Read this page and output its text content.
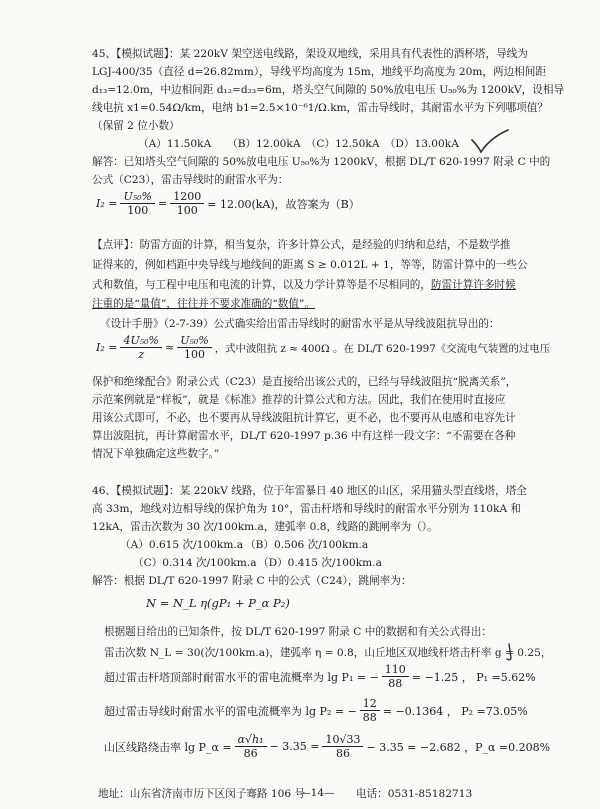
45、【模拟试题】：某 220kV 架空送电线路，架设双地线，采用具有代表性的酒杯塔，导线为
LGJ-400/35（直径 d=26.82mm），导线平均高度为 15m，地线平均高度为 20m，两边相间距
d₁₃=12.0m，中边相间距 d₁₂=d₂₃=6m，塔头空气间隙的 50%放电电压 U₅₀%为 1200kV，设相导
线电抗 x1=0.54Ω/km，电纳 b1=2.5×10⁻⁶1/Ω.km，雷击导线时，其耐雷水平为下列哪项值？
（保留 2 位小数）
（A）11.50kA　　（B）12.00kA　（C）12.50kA　（D）13.00kA
解答：已知塔头空气间隙的 50%放电电压 U₅₀%为 1200kV，根据 DL/T 620-1997 附录 C 中的
公式（C23），雷击导线时的耐雷水平为：
$I_2 = \frac{\text{U₅₀\%}}{100} = \frac{1200}{100} = 12.00(kA)$，故答案为（B）
【点评】：防雷方面的计算，相当复杂，许多计算公式，是经验的归纳和总结，不是数学推
证得来的，例如档距中央导线与地线间的距离 S ≥ 0.012L + 1，等等，防雷计算中的一些公
式和数值，与工程中电压和电流的计算，以及力学计算等是不尽相同的，防雷计算许多时候
注重的是“量值”，往往并不要求准确的“数值”。
《设计手册》（2-7-39）公式确实给出雷击导线时的耐雷水平是从导线波阻抗导出的：
$I_2 = \frac{\text{4U₅₀\%}}{z} \approx \frac{\text{U₅₀\%}}{100}$ ，式中波阻抗 z ≈ 400Ω 。在 DL/T 620-1997《交流电气装置的过电压
保护和绝缘配合》附录公式（C23）是直接给出该公式的，已经与导线波阻抗“脱离关系”，
示范案例就是“样板”，就是《标准》推荐的计算公式和方法。因此，我们在使用时直接应
用该公式即可，不必，也不要再从导线波阻抗计算它，更不必，也不要再从电感和电容先计
算出波阻抗，再计算耐雷水平，DL/T 620-1997 p.36 中有这样一段文字：“不需要在各种
情况下单独确定这些数字。”
46、【模拟试题】：某 220kV 线路，位于年雷暴日 40 地区的山区，采用猫头型直线塔，塔全
高 33m，地线对边相导线的保护角为 10°，雷击杆塔和导线时的耐雷水平分别为 110kA 和
12kA，雷击次数为 30 次/100km.a，建弧率 0.8，线路的跳闸率为（）。
（A）0.615 次/100km.a （B）0.506 次/100km.a
（C）0.314 次/100km.a （D）0.415 次/100km.a
解答：根据 DL/T 620-1997 附录 C 中的公式（C24），跳闸率为：
N = N_L η(gP₁ + P_α P₂)
根据题目给出的已知条件，按 DL/T 620-1997 附录 C 中的数据和有关公式得出：
雷击次数 N_L = 30(次/100km.a)，建弧率 η = 0.8，山丘地区双地线杆塔击杆率 g = 0.25，
超过雷击杆塔顶部时耐雷水平的雷电流概率为 lg P₁ = − $\frac{110}{88} = -1.25$ ， P₁ =5.62%
超过雷击导线时耐雷水平的雷电流概率为 lg P₂ = − $\frac{12}{88} = -0.1364$ ， P₂ =73.05%
山区线路绕击率 lg P_α = $\frac{\text{α√h₁}}{86} - 3.35 = \frac{10√33}{86} - 3.35 = -2.682$ ，P_α =0.208%
地址：山东省济南市历下区闵子骞路 106 号
—14— 电话：0531-85182713
